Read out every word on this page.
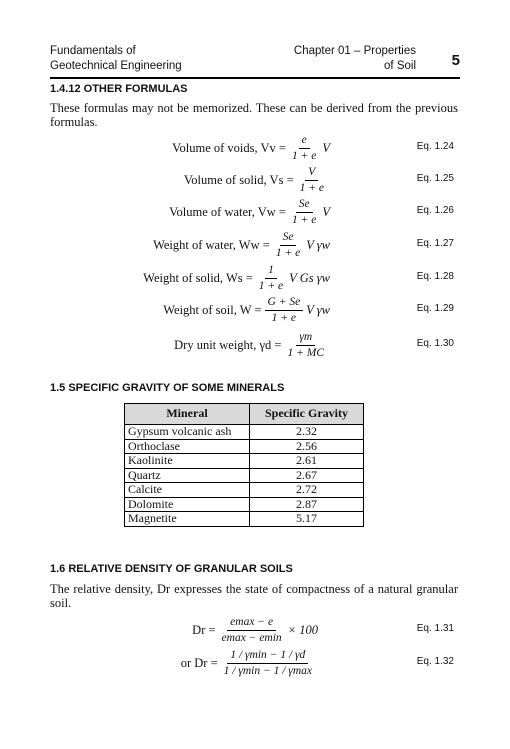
Fundamentals of
Geotechnical Engineering
Chapter 01 – Properties
of Soil 5
1.4.12 OTHER FORMULAS
These formulas may not be memorized. These can be derived from the previous formulas.
Volume of voids, $Vv = \frac{e}{1 + e}$ V	Eq. 1.24
Volume of solid, $Vs = \frac{V}{1 + e}$	Eq. 1.25
Volume of water, $Vw = \frac{Se}{1 + e}$ V	Eq. 1.26
Weight of water, $Ww = \frac{Se}{1 + e}$ V γw	Eq. 1.27
Weight of solid, $Ws = \frac{1}{1 + e}$ V Gs γw	Eq. 1.28
Weight of soil, $W = \frac{G + Se}{1 + e}$ V γw	Eq. 1.29
Dry unit weight, $\gamma d = \frac{\gamma m}{1 + MC}$	Eq. 1.30
1.5 SPECIFIC GRAVITY OF SOME MINERALS
Mineral	Specific Gravity
Gypsum volcanic ash	2.32
Orthoclase	2.56
Kaolinite	2.61
Quartz	2.67
Calcite	2.72
Dolomite	2.87
Magnetite	5.17
1.6 RELATIVE DENSITY OF GRANULAR SOILS
The relative density, Dr expresses the state of compactness of a natural granular soil.
$Dr = \frac{emax - e}{emax - emin} \times 100$	Eq. 1.31
or $Dr = \frac{1 / \gamma\min - 1 / \gamma d}{1 / \gamma\min - 1 / \gamma\max}$	Eq. 1.32
